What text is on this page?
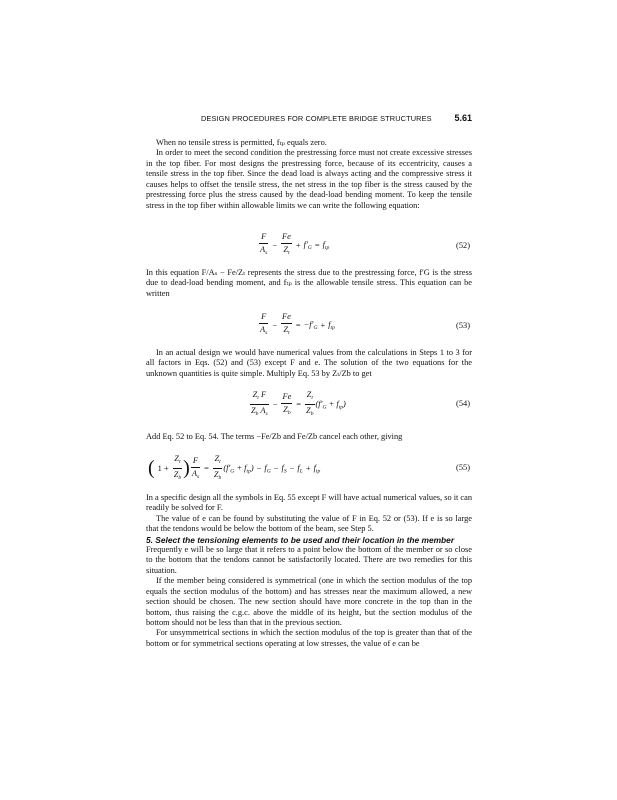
DESIGN PROCEDURES FOR COMPLETE BRIDGE STRUCTURES	5.61

When no tensile stress is permitted, fₜₚ equals zero.

In order to meet the second condition the prestressing force must not create excessive stresses in the top fiber. For most designs the prestressing force, because of its eccentricity, causes a tensile stress in the top fiber. Since the dead load is always acting and the compressive stress it causes helps to offset the tensile stress, the net stress in the top fiber is the stress caused by the prestressing force plus the stress caused by the dead-load bending moment. To keep the tensile stress in the top fiber within allowable limits we can write the following equation:

$\frac{F}{A_s} - \frac{Fe}{Z_t} + f'_G = f_{tp}$	(52)

In this equation F/Aₛ − Fe/Zₜ represents the stress due to the prestressing force, f′G is the stress due to dead-load bending moment, and fₜₚ is the allowable tensile stress. This equation can be written

$\frac{F}{A_s} - \frac{Fe}{Z_t} = -f'_G + f_{tp}$	(53)

In an actual design we would have numerical values from the calculations in Steps 1 to 3 for all factors in Eqs. (52) and (53) except F and e. The solution of the two equations for the unknown quantities is quite simple. Multiply Eq. 53 by Zₜ/Zb to get

$\frac{Z_t F}{Z_b A_s} - \frac{Fe}{Z_b} = \frac{Z_t}{Z_b} (f'_G + f_{tp})$	(54)

Add Eq. 52 to Eq. 54. The terms −Fe/Zb and Fe/Zb cancel each other, giving

( $1 + \frac{Z_t}{Z_b}$ ) $\frac{F}{A_s} = \frac{Z_t}{Z_b} (f'_G + f_{tp}) - f_G - f_S - f_L + f_{tp}$	(55)

In a specific design all the symbols in Eq. 55 except F will have actual numerical values, so it can readily be solved for F.

The value of e can be found by substituting the value of F in Eq. 52 or (53). If e is so large that the tendons would be below the bottom of the beam, see Step 5.

5. Select the tensioning elements to be used and their location in the member

Frequently e will be so large that it refers to a point below the bottom of the member or so close to the bottom that the tendons cannot be satisfactorily located. There are two remedies for this situation.

If the member being considered is symmetrical (one in which the section modulus of the top equals the section modulus of the bottom) and has stresses near the maximum allowed, a new section should be chosen. The new section should have more concrete in the top than in the bottom, thus raising the c.g.c. above the middle of its height, but the section modulus of the bottom should not be less than that in the previous section.

For unsymmetrical sections in which the section modulus of the top is greater than that of the bottom or for symmetrical sections operating at low stresses, the value of e can be
